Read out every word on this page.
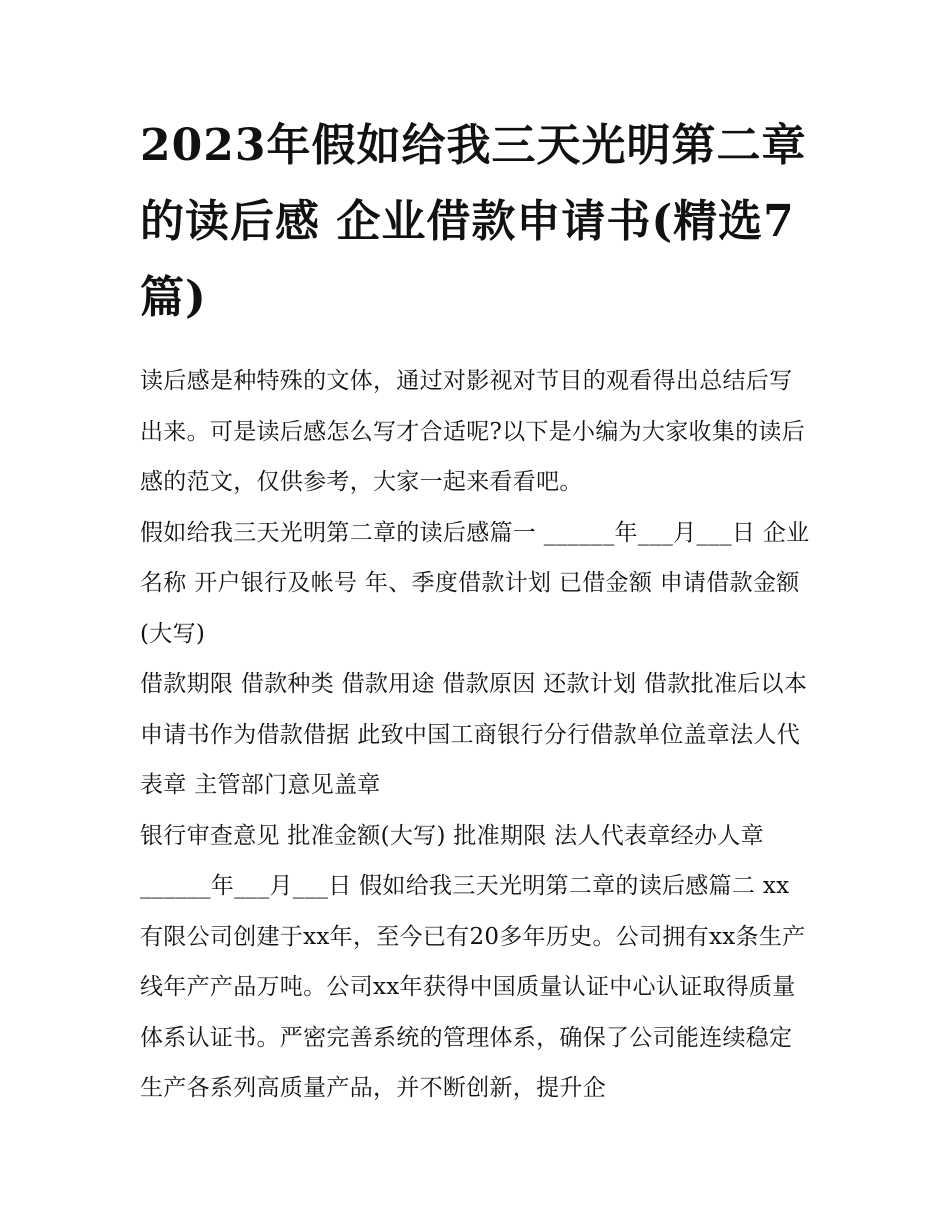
2023年假如给我三天光明第二章的读后感 企业借款申请书(精选7篇)

读后感是种特殊的文体，通过对影视对节目的观看得出总结后写出来。可是读后感怎么写才合适呢?以下是小编为大家收集的读后感的范文，仅供参考，大家一起来看看吧。

假如给我三天光明第二章的读后感篇一 ______年___月___日 企业名称 开户银行及帐号 年、季度借款计划 已借金额 申请借款金额(大写)

借款期限 借款种类 借款用途 借款原因 还款计划 借款批准后以本申请书作为借款借据 此致中国工商银行分行借款单位盖章法人代表章 主管部门意见盖章

银行审查意见 批准金额(大写) 批准期限 法人代表章经办人章 ______年___月___日 假如给我三天光明第二章的读后感篇二 xx有限公司创建于xx年，至今已有20多年历史。公司拥有xx条生产线年产产品万吨。公司xx年获得中国质量认证中心认证取得质量体系认证书。严密完善系统的管理体系，确保了公司能连续稳定生产各系列高质量产品，并不断创新，提升企
